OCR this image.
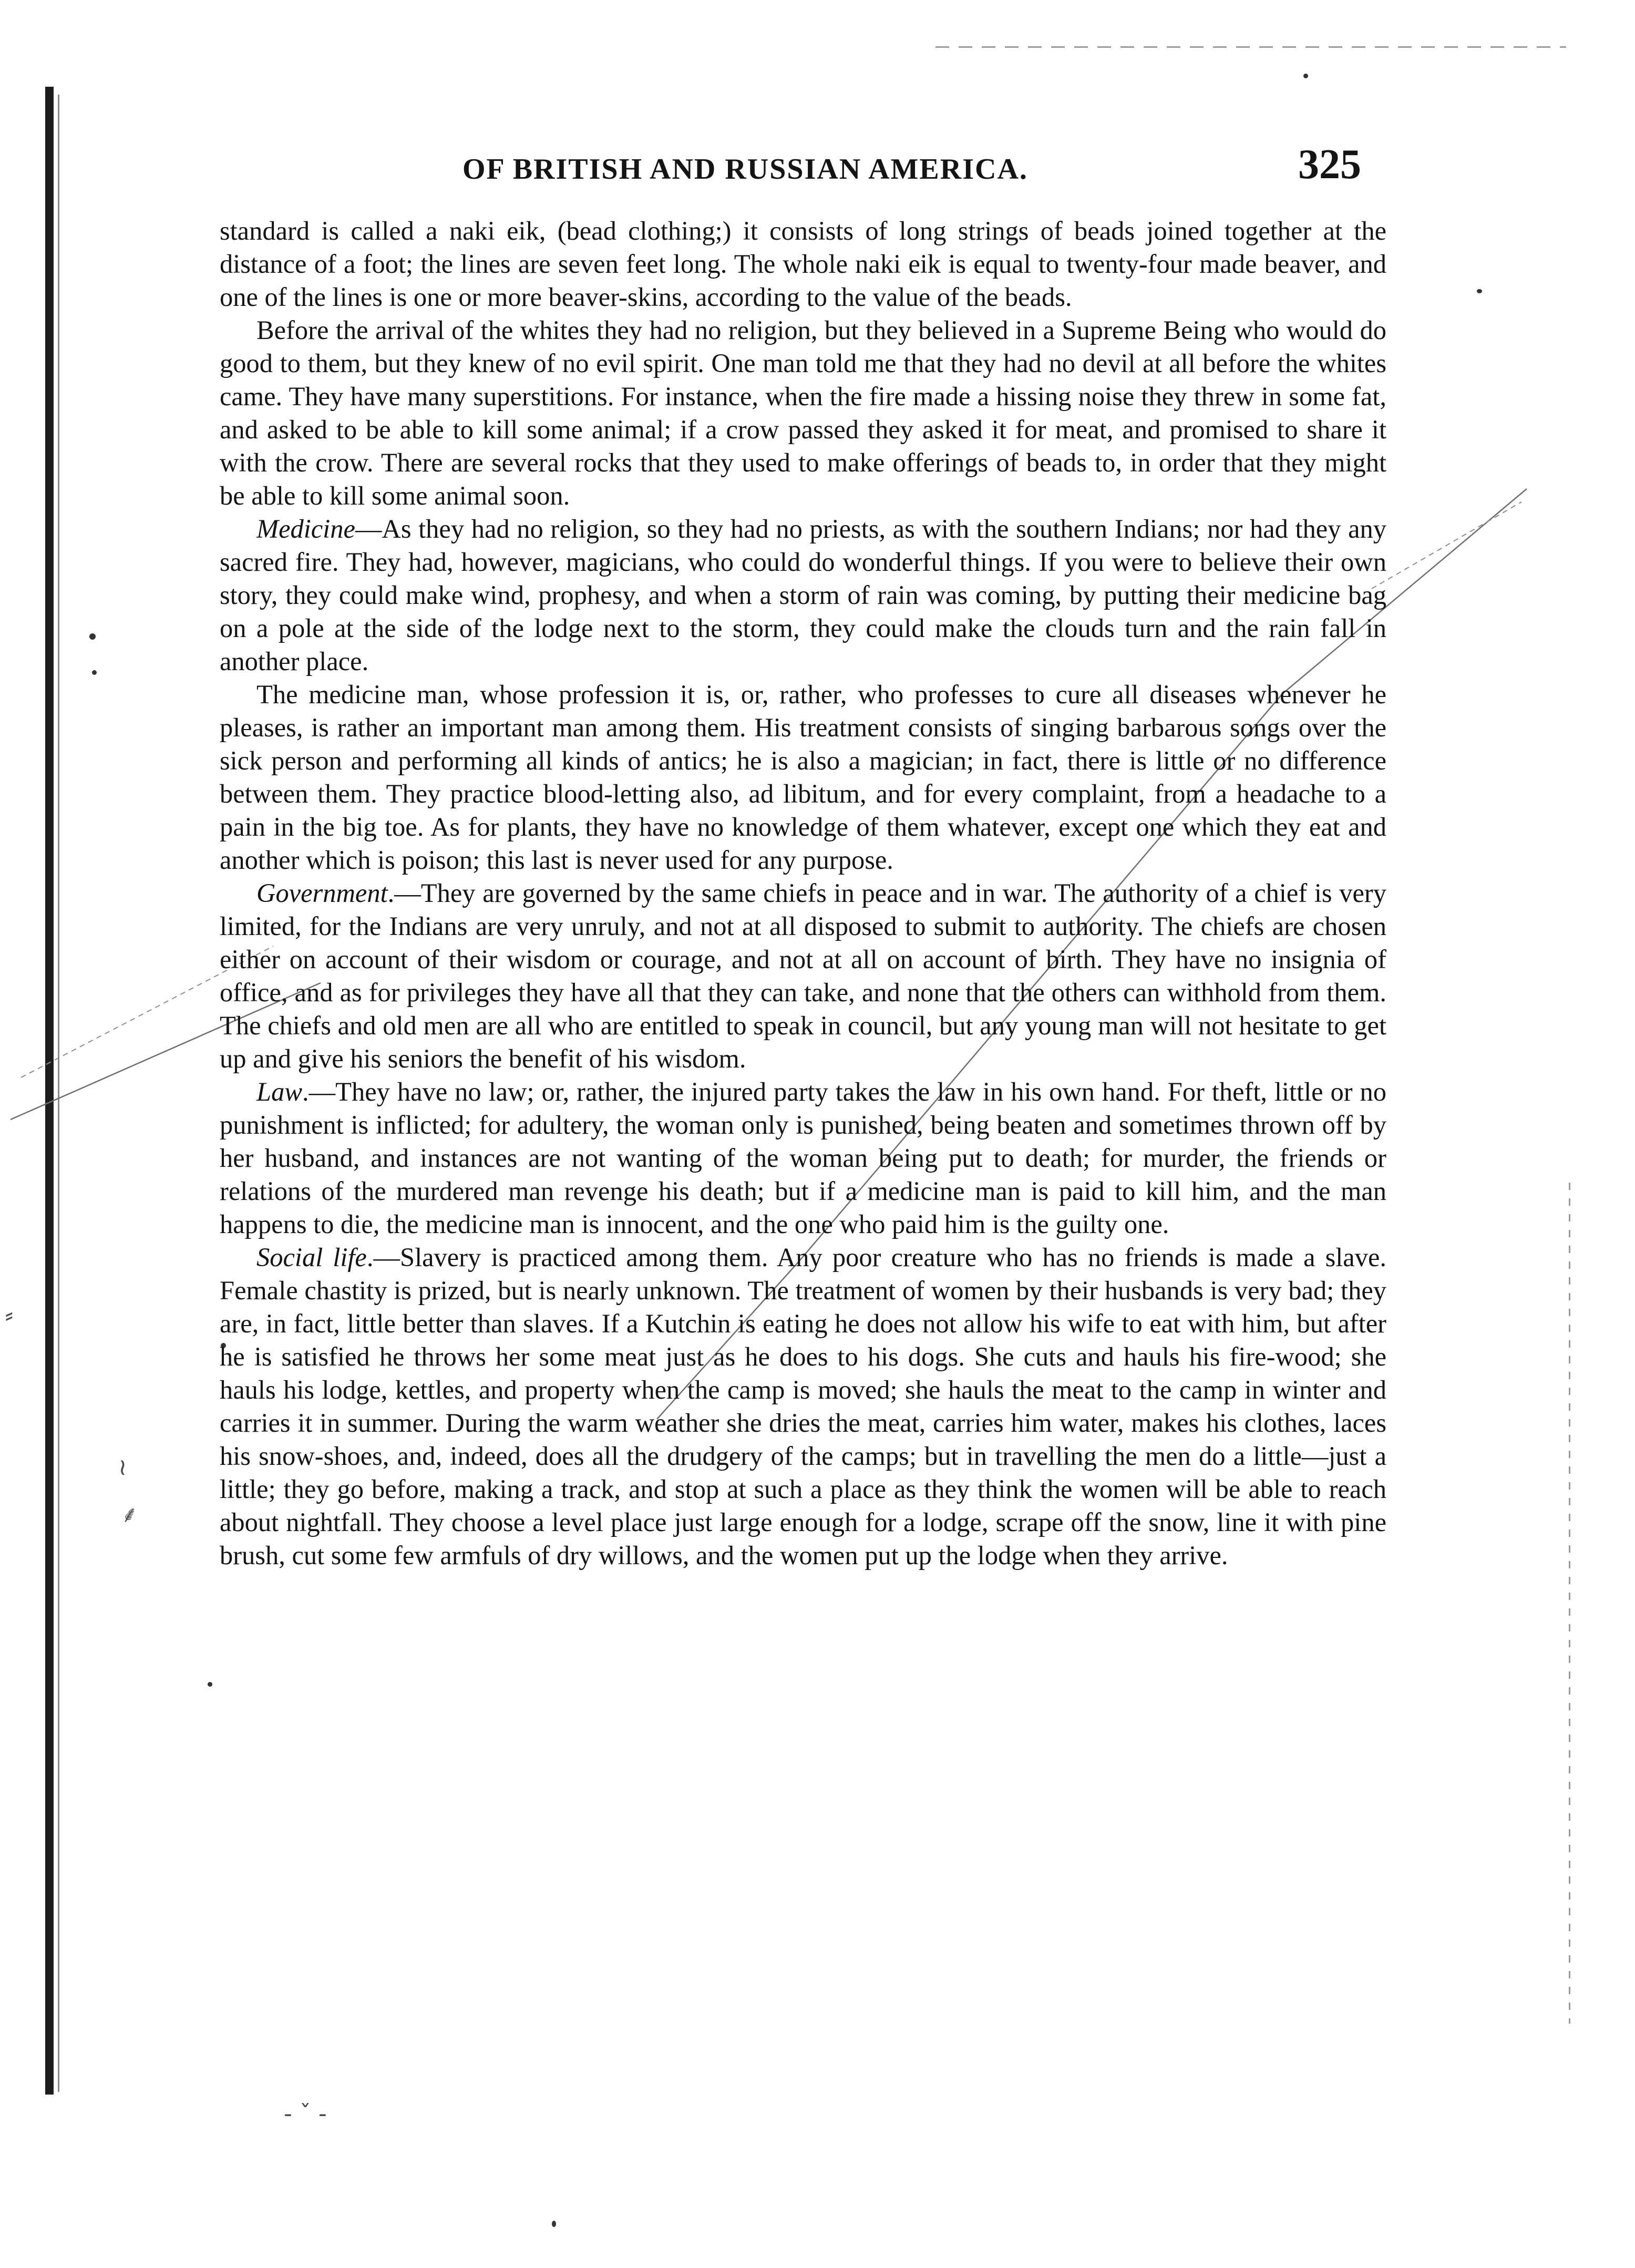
⸗
≀
⸙
- ˇ -
OF BRITISH AND RUSSIAN AMERICA.	325

standard is called a naki eik, (bead clothing;) it consists of long strings of beads joined together at the distance of a foot; the lines are seven feet long. The whole naki eik is equal to twenty-four made beaver, and one of the lines is one or more beaver-skins, according to the value of the beads.

Before the arrival of the whites they had no religion, but they believed in a Supreme Being who would do good to them, but they knew of no evil spirit. One man told me that they had no devil at all before the whites came. They have many superstitions. For instance, when the fire made a hissing noise they threw in some fat, and asked to be able to kill some animal; if a crow passed they asked it for meat, and promised to share it with the crow. There are several rocks that they used to make offerings of beads to, in order that they might be able to kill some animal soon.

Medicine—As they had no religion, so they had no priests, as with the southern Indians; nor had they any sacred fire. They had, however, magicians, who could do wonderful things. If you were to believe their own story, they could make wind, prophesy, and when a storm of rain was coming, by putting their medicine bag on a pole at the side of the lodge next to the storm, they could make the clouds turn and the rain fall in another place.

The medicine man, whose profession it is, or, rather, who professes to cure all diseases whenever he pleases, is rather an important man among them. His treatment consists of singing barbarous songs over the sick person and performing all kinds of antics; he is also a magician; in fact, there is little or no difference between them. They practice blood-letting also, ad libitum, and for every complaint, from a headache to a pain in the big toe. As for plants, they have no knowledge of them whatever, except one which they eat and another which is poison; this last is never used for any purpose.

Government.—They are governed by the same chiefs in peace and in war. The authority of a chief is very limited, for the Indians are very unruly, and not at all disposed to submit to authority. The chiefs are chosen either on account of their wisdom or courage, and not at all on account of birth. They have no insignia of office, and as for privileges they have all that they can take, and none that the others can withhold from them. The chiefs and old men are all who are entitled to speak in council, but any young man will not hesitate to get up and give his seniors the benefit of his wisdom.

Law.—They have no law; or, rather, the injured party takes the law in his own hand. For theft, little or no punishment is inflicted; for adultery, the woman only is punished, being beaten and sometimes thrown off by her husband, and instances are not wanting of the woman being put to death; for murder, the friends or relations of the murdered man revenge his death; but if a medicine man is paid to kill him, and the man happens to die, the medicine man is innocent, and the one who paid him is the guilty one.

Social life.—Slavery is practiced among them. Any poor creature who has no friends is made a slave. Female chastity is prized, but is nearly unknown. The treatment of women by their husbands is very bad; they are, in fact, little better than slaves. If a Kutchin is eating he does not allow his wife to eat with him, but after he is satisfied he throws her some meat just as he does to his dogs. She cuts and hauls his fire-wood; she hauls his lodge, kettles, and property when the camp is moved; she hauls the meat to the camp in winter and carries it in summer. During the warm weather she dries the meat, carries him water, makes his clothes, laces his snow-shoes, and, indeed, does all the drudgery of the camps; but in travelling the men do a little—just a little; they go before, making a track, and stop at such a place as they think the women will be able to reach about nightfall. They choose a level place just large enough for a lodge, scrape off the snow, line it with pine brush, cut some few armfuls of dry willows, and the women put up the lodge when they arrive.
